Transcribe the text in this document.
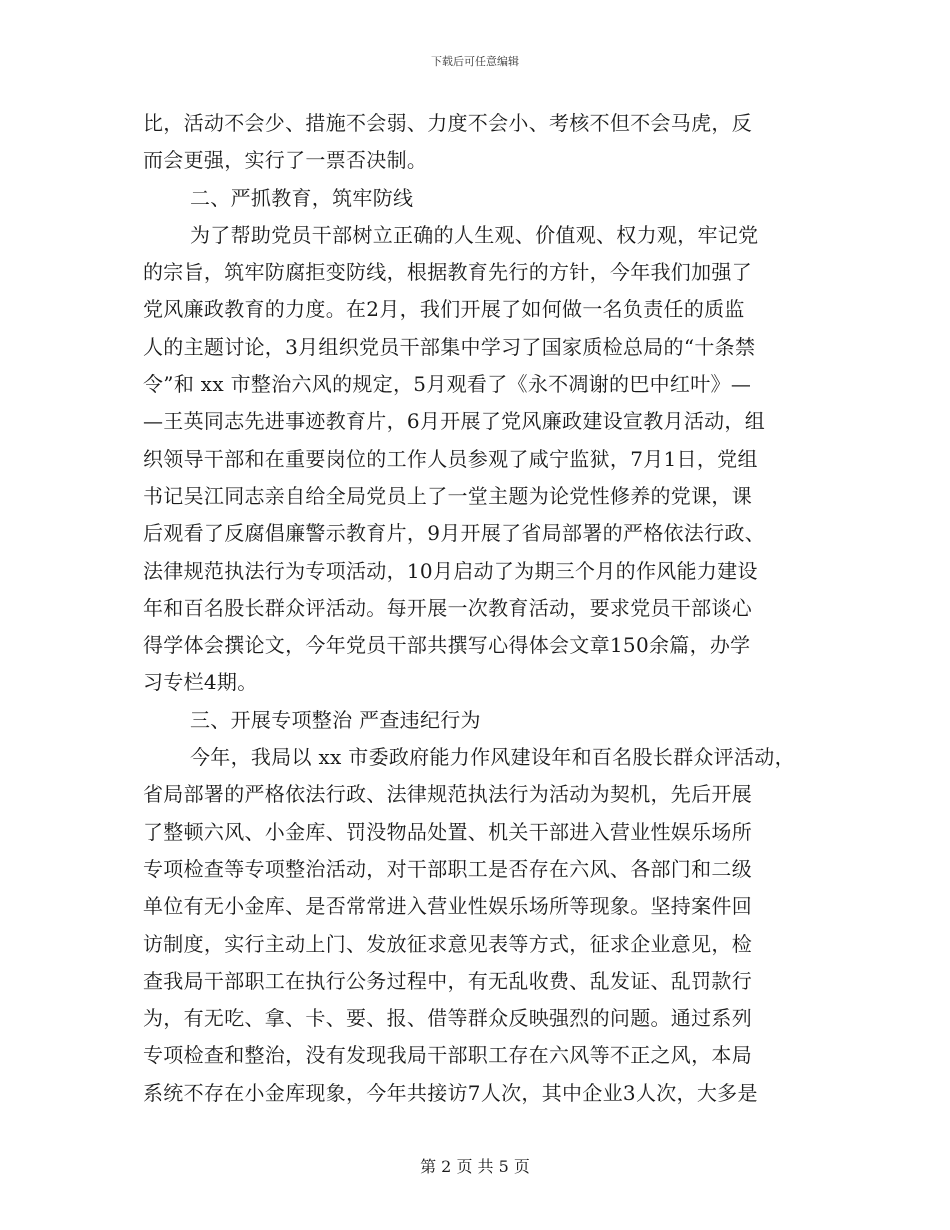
下载后可任意编辑
比，活动不会少、措施不会弱、力度不会小、考核不但不会马虎，反
而会更强，实行了一票否决制。
二、严抓教育，筑牢防线
为了帮助党员干部树立正确的人生观、价值观、权力观，牢记党
的宗旨，筑牢防腐拒变防线，根据教育先行的方针，今年我们加强了
党风廉政教育的力度。在2月，我们开展了如何做一名负责任的质监
人的主题讨论，3月组织党员干部集中学习了国家质检总局的“十条禁
令”和 xx 市整治六风的规定，5月观看了《永不凋谢的巴中红叶》—
—王英同志先进事迹教育片，6月开展了党风廉政建设宣教月活动，组
织领导干部和在重要岗位的工作人员参观了咸宁监狱，7月1日，党组
书记吴江同志亲自给全局党员上了一堂主题为论党性修养的党课，课
后观看了反腐倡廉警示教育片，9月开展了省局部署的严格依法行政、
法律规范执法行为专项活动，10月启动了为期三个月的作风能力建设
年和百名股长群众评活动。每开展一次教育活动，要求党员干部谈心
得学体会撰论文，今年党员干部共撰写心得体会文章150余篇，办学
习专栏4期。
三、开展专项整治 严查违纪行为
今年，我局以 xx 市委政府能力作风建设年和百名股长群众评活动，
省局部署的严格依法行政、法律规范执法行为活动为契机，先后开展
了整顿六风、小金库、罚没物品处置、机关干部进入营业性娱乐场所
专项检查等专项整治活动，对干部职工是否存在六风、各部门和二级
单位有无小金库、是否常常进入营业性娱乐场所等现象。坚持案件回
访制度，实行主动上门、发放征求意见表等方式，征求企业意见，检
查我局干部职工在执行公务过程中，有无乱收费、乱发证、乱罚款行
为，有无吃、拿、卡、要、报、借等群众反映强烈的问题。通过系列
专项检查和整治，没有发现我局干部职工存在六风等不正之风，本局
系统不存在小金库现象，今年共接访7人次，其中企业3人次，大多是
第 2 页 共 5 页
